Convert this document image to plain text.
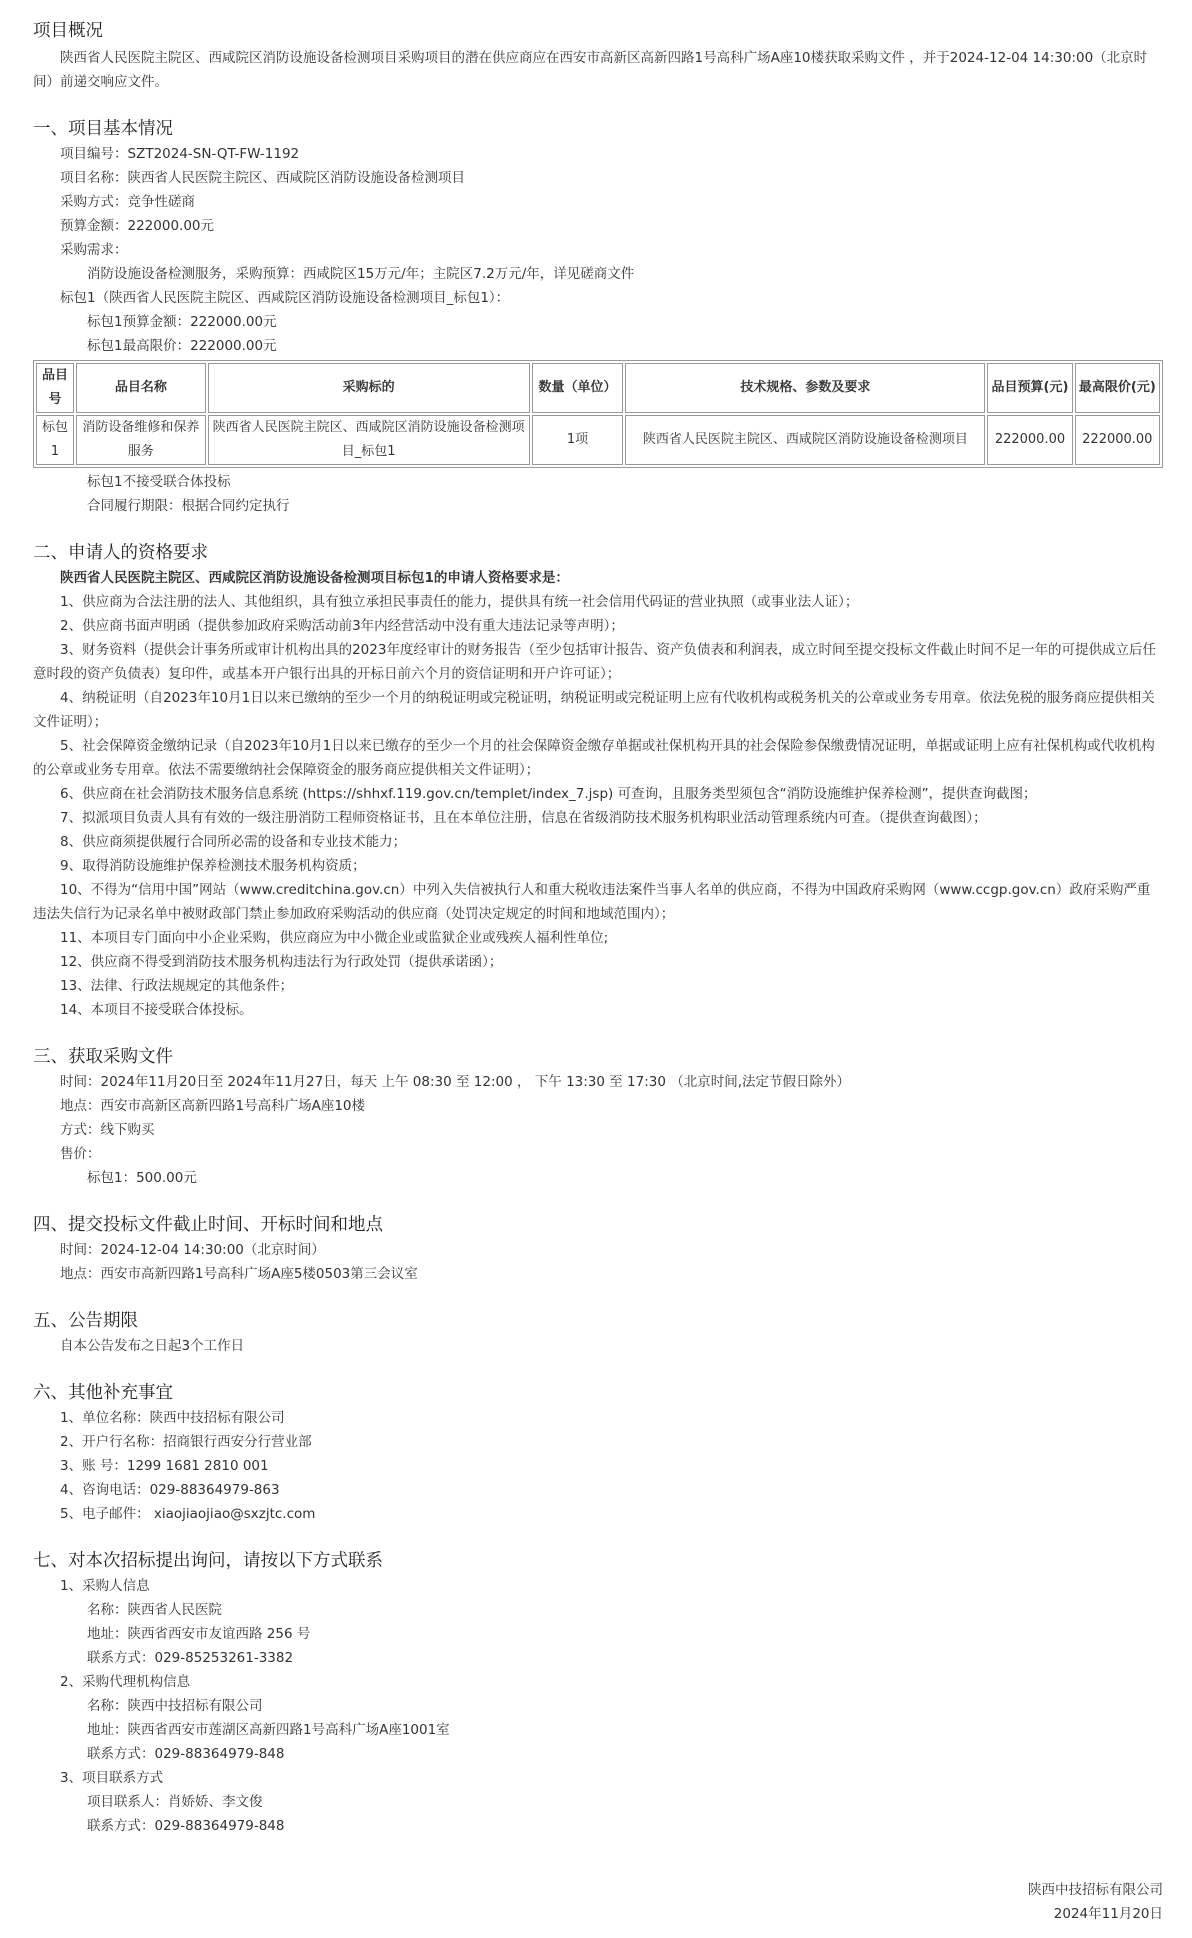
项目概况
陕西省人民医院主院区、西咸院区消防设施设备检测项目采购项目的潜在供应商应在西安市高新区高新四路1号高科广场A座10楼获取采购文件 ，并于2024-12-04 14:30:00（北京时间）前递交响应文件。
一、项目基本情况
项目编号：SZT2024-SN-QT-FW-1192
项目名称：陕西省人民医院主院区、西咸院区消防设施设备检测项目
采购方式：竞争性磋商
预算金额：222000.00元
采购需求：
消防设施设备检测服务，采购预算：西咸院区15万元/年；主院区7.2万元/年，详见磋商文件
标包1（陕西省人民医院主院区、西咸院区消防设施设备检测项目_标包1）：
标包1预算金额：222000.00元
标包1最高限价：222000.00元
品目号	品目名称	采购标的	数量（单位）	技术规格、参数及要求	品目预算(元)	最高限价(元)
标包1	消防设备维修和保养服务	陕西省人民医院主院区、西咸院区消防设施设备检测项目_标包1	1项	陕西省人民医院主院区、西咸院区消防设施设备检测项目	222000.00	222000.00
标包1不接受联合体投标
合同履行期限：根据合同约定执行
二、申请人的资格要求
陕西省人民医院主院区、西咸院区消防设施设备检测项目标包1的申请人资格要求是：
1、供应商为合法注册的法人、其他组织，具有独立承担民事责任的能力，提供具有统一社会信用代码证的营业执照（或事业法人证）；
2、供应商书面声明函（提供参加政府采购活动前3年内经营活动中没有重大违法记录等声明）；
3、财务资料（提供会计事务所或审计机构出具的2023年度经审计的财务报告（至少包括审计报告、资产负债表和利润表，成立时间至提交投标文件截止时间不足一年的可提供成立后任意时段的资产负债表）复印件，或基本开户银行出具的开标日前六个月的资信证明和开户许可证）；
4、纳税证明（自2023年10月1日以来已缴纳的至少一个月的纳税证明或完税证明，纳税证明或完税证明上应有代收机构或税务机关的公章或业务专用章。依法免税的服务商应提供相关文件证明）；
5、社会保障资金缴纳记录（自2023年10月1日以来已缴存的至少一个月的社会保障资金缴存单据或社保机构开具的社会保险参保缴费情况证明，单据或证明上应有社保机构或代收机构的公章或业务专用章。依法不需要缴纳社会保障资金的服务商应提供相关文件证明）；
6、供应商在社会消防技术服务信息系统 (https://shhxf.119.gov.cn/templet/index_7.jsp) 可查询，且服务类型须包含“消防设施维护保养检测”，提供查询截图；
7、拟派项目负责人具有有效的一级注册消防工程师资格证书，且在本单位注册，信息在省级消防技术服务机构职业活动管理系统内可查。（提供查询截图）；
8、供应商须提供履行合同所必需的设备和专业技术能力；
9、取得消防设施维护保养检测技术服务机构资质；
10、不得为“信用中国”网站（www.creditchina.gov.cn）中列入失信被执行人和重大税收违法案件当事人名单的供应商，不得为中国政府采购网（www.ccgp.gov.cn）政府采购严重违法失信行为记录名单中被财政部门禁止参加政府采购活动的供应商（处罚决定规定的时间和地域范围内）；
11、本项目专门面向中小企业采购，供应商应为中小微企业或监狱企业或残疾人福利性单位;
12、供应商不得受到消防技术服务机构违法行为行政处罚（提供承诺函）；
13、法律、行政法规规定的其他条件；
14、本项目不接受联合体投标。
三、获取采购文件
时间：2024年11月20日至 2024年11月27日，每天 上午 08:30 至 12:00 ， 下午 13:30 至 17:30 （北京时间,法定节假日除外）
地点：西安市高新区高新四路1号高科广场A座10楼
方式：线下购买
售价：
标包1：500.00元
四、提交投标文件截止时间、开标时间和地点
时间：2024-12-04 14:30:00（北京时间）
地点：西安市高新四路1号高科广场A座5楼0503第三会议室
五、公告期限
自本公告发布之日起3个工作日
六、其他补充事宜
1、单位名称：陕西中技招标有限公司
2、开户行名称：招商银行西安分行营业部
3、账 号：1299 1681 2810 001
4、咨询电话：029-88364979-863
5、电子邮件： xiaojiaojiao@sxzjtc.com
七、对本次招标提出询问，请按以下方式联系
1、采购人信息
名称：陕西省人民医院
地址：陕西省西安市友谊西路 256 号
联系方式：029-85253261-3382
2、采购代理机构信息
名称：陕西中技招标有限公司
地址：陕西省西安市莲湖区高新四路1号高科广场A座1001室
联系方式：029-88364979-848
3、项目联系方式
项目联系人：肖娇娇、李文俊
联系方式：029-88364979-848
陕西中技招标有限公司
2024年11月20日
